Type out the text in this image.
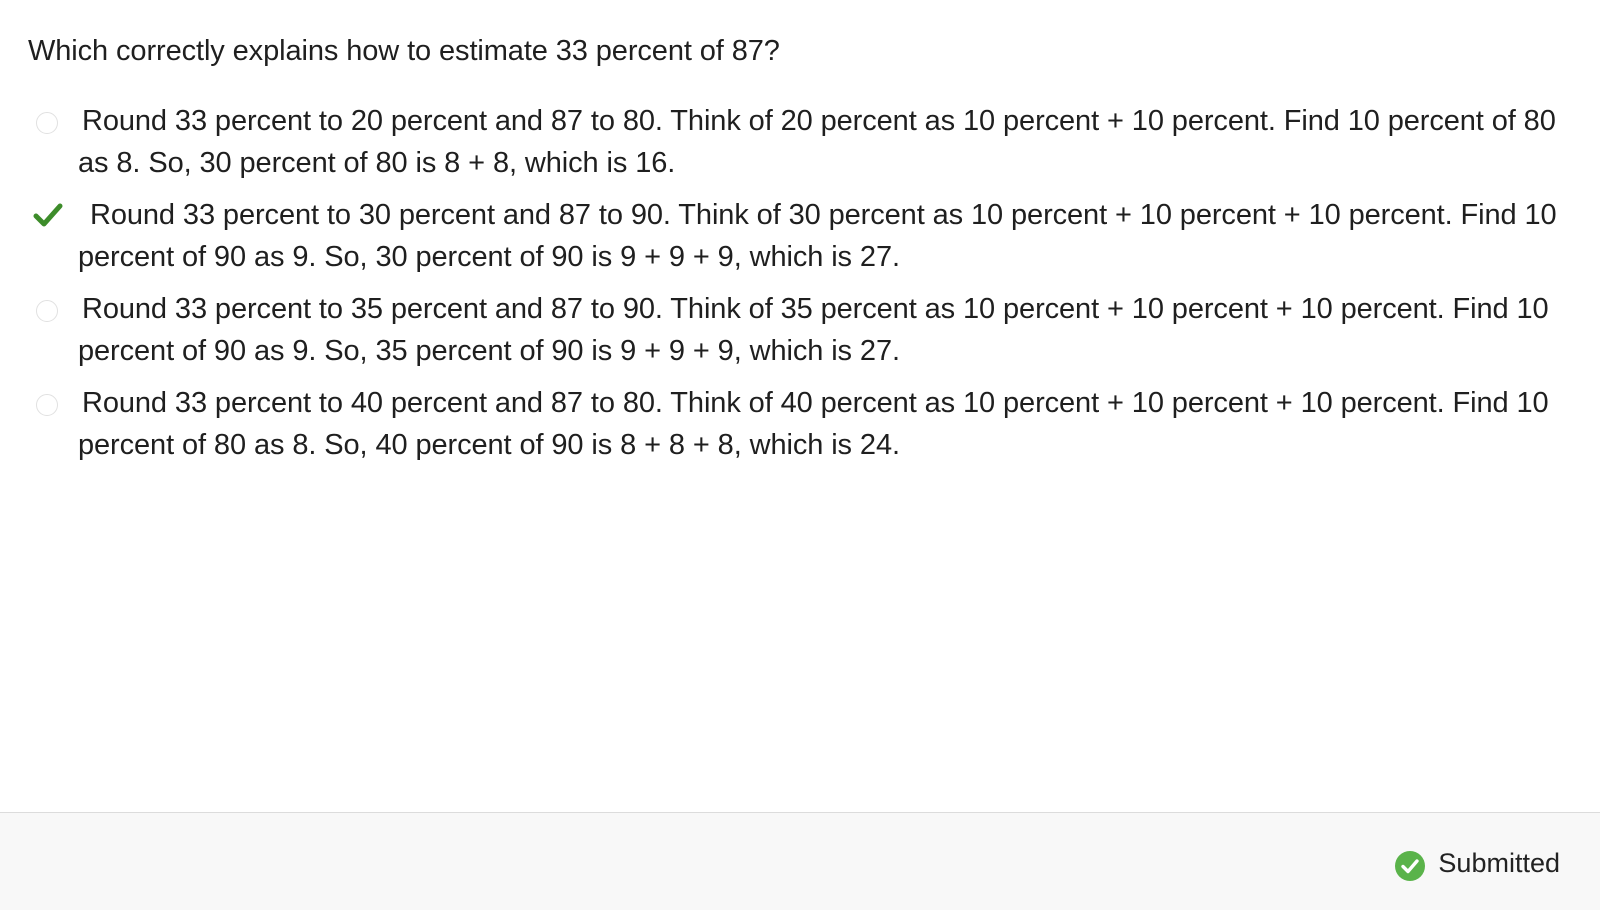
Which correctly explains how to estimate 33 percent of 87?
Round 33 percent to 20 percent and 87 to 80. Think of 20 percent as 10 percent + 10 percent. Find 10 percent of 80 as 8. So, 30 percent of 80 is 8 + 8, which is 16.
Round 33 percent to 30 percent and 87 to 90. Think of 30 percent as 10 percent + 10 percent + 10 percent. Find 10 percent of 90 as 9. So, 30 percent of 90 is 9 + 9 + 9, which is 27.
Round 33 percent to 35 percent and 87 to 90. Think of 35 percent as 10 percent + 10 percent + 10 percent. Find 10 percent of 90 as 9. So, 35 percent of 90 is 9 + 9 + 9, which is 27.
Round 33 percent to 40 percent and 87 to 80. Think of 40 percent as 10 percent + 10 percent + 10 percent. Find 10 percent of 80 as 8. So, 40 percent of 90 is 8 + 8 + 8, which is 24.
Submitted
